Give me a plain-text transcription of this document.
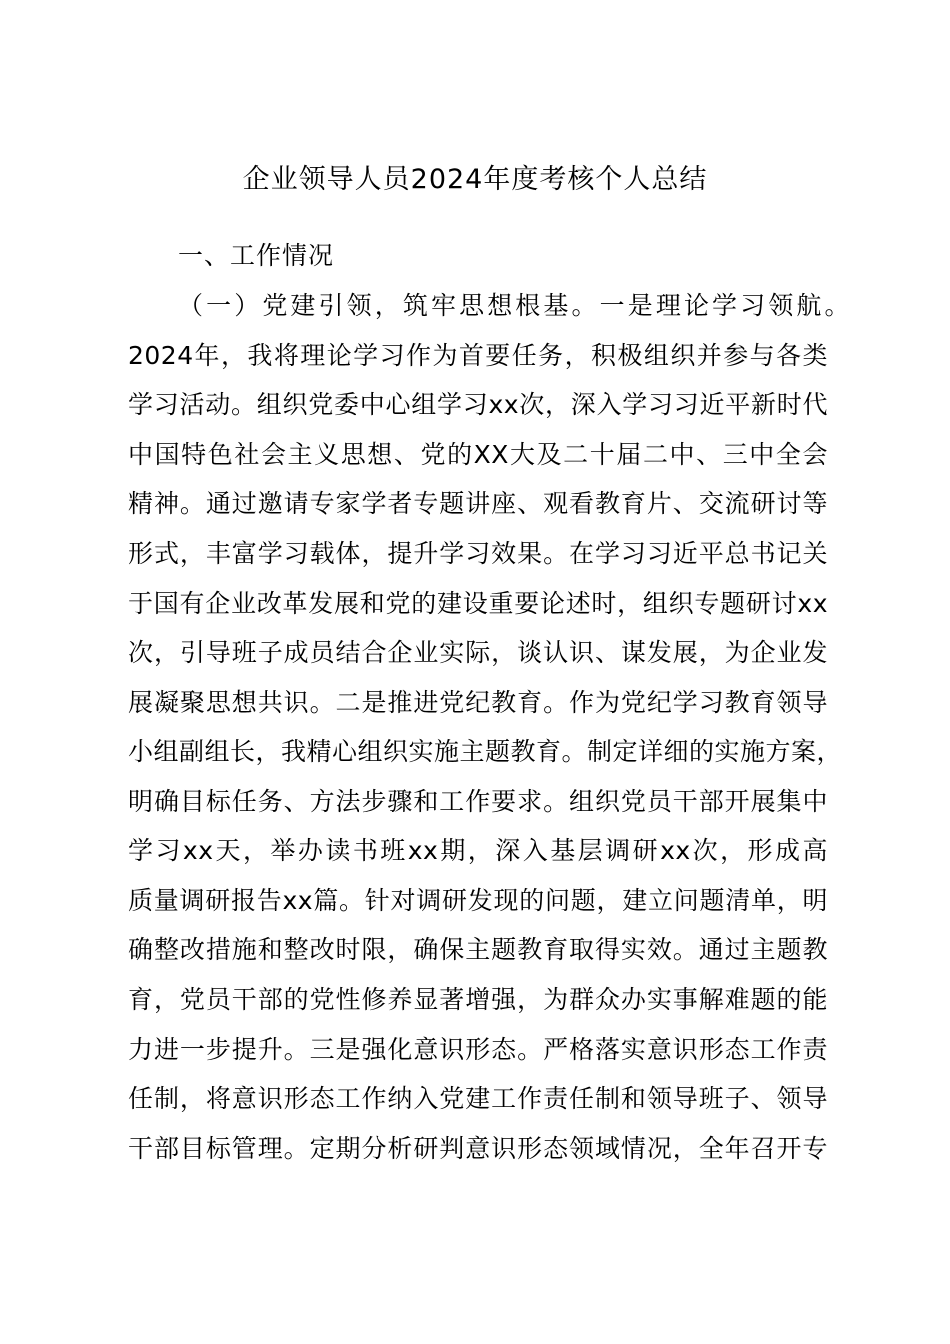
企业领导人员2024年度考核个人总结
一、工作情况
（一）党建引领，筑牢思想根基。一是理论学习领航。
2024年，我将理论学习作为首要任务，积极组织并参与各类
学习活动。组织党委中心组学习xx次，深入学习习近平新时代
中国特色社会主义思想、党的XX大及二十届二中、三中全会
精神。通过邀请专家学者专题讲座、观看教育片、交流研讨等
形式，丰富学习载体，提升学习效果。在学习习近平总书记关
于国有企业改革发展和党的建设重要论述时，组织专题研讨xx
次，引导班子成员结合企业实际，谈认识、谋发展，为企业发
展凝聚思想共识。二是推进党纪教育。作为党纪学习教育领导
小组副组长，我精心组织实施主题教育。制定详细的实施方案，
明确目标任务、方法步骤和工作要求。组织党员干部开展集中
学习xx天，举办读书班xx期，深入基层调研xx次，形成高
质量调研报告xx篇。针对调研发现的问题，建立问题清单，明
确整改措施和整改时限，确保主题教育取得实效。通过主题教
育，党员干部的党性修养显著增强，为群众办实事解难题的能
力进一步提升。三是强化意识形态。严格落实意识形态工作责
任制，将意识形态工作纳入党建工作责任制和领导班子、领导
干部目标管理。定期分析研判意识形态领域情况，全年召开专
